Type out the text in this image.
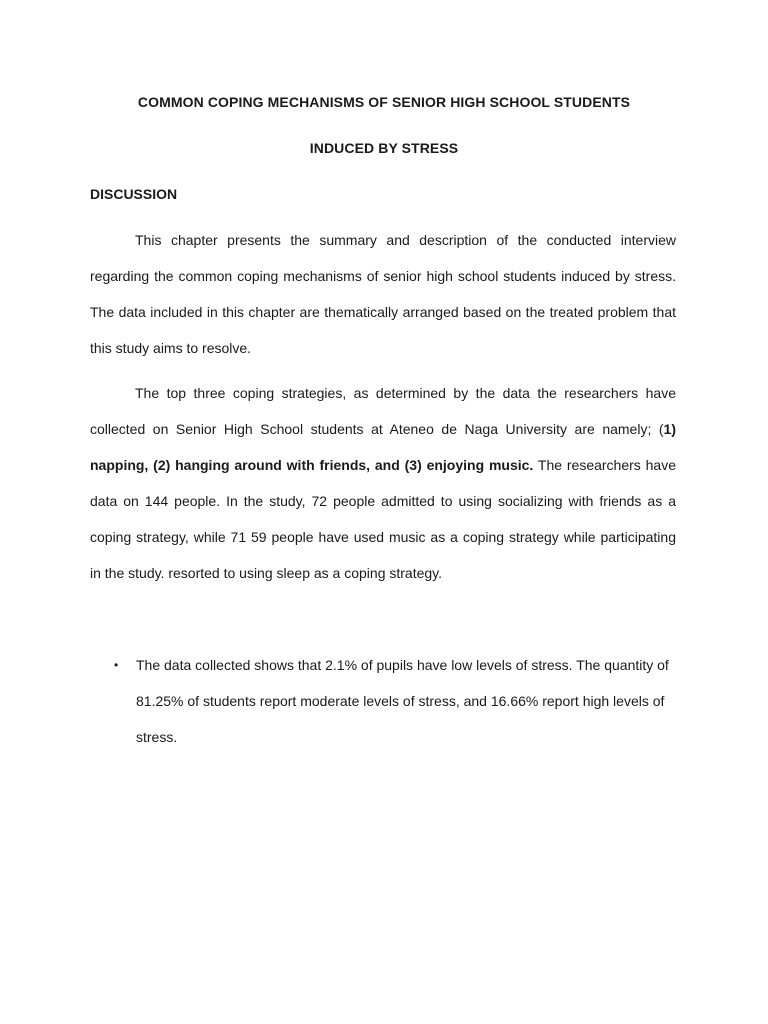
COMMON COPING MECHANISMS OF SENIOR HIGH SCHOOL STUDENTS
INDUCED BY STRESS
DISCUSSION

This chapter presents the summary and description of the conducted interview regarding the common coping mechanisms of senior high school students induced by stress. The data included in this chapter are thematically arranged based on the treated problem that this study aims to resolve.

The top three coping strategies, as determined by the data the researchers have collected on Senior High School students at Ateneo de Naga University are namely; (1) napping, (2) hanging around with friends, and (3) enjoying music. The researchers have data on 144 people. In the study, 72 people admitted to using socializing with friends as a coping strategy, while 71 59 people have used music as a coping strategy while participating in the study. resorted to using sleep as a coping strategy.

• The data collected shows that 2.1% of pupils have low levels of stress. The quantity of 81.25% of students report moderate levels of stress, and 16.66% report high levels of stress.
